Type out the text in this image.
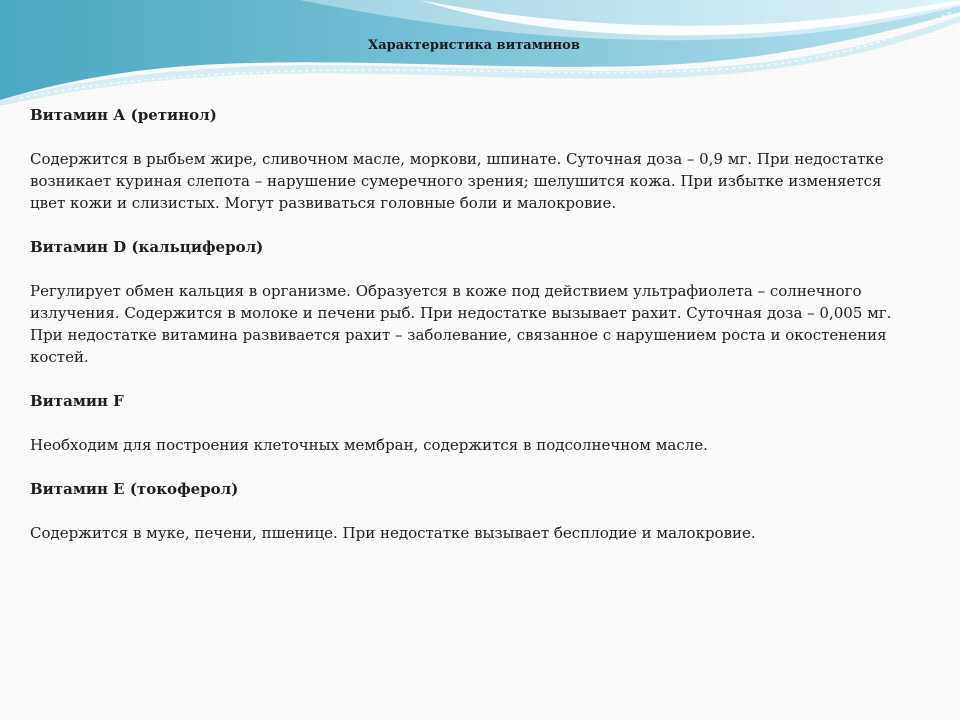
Характеристика витаминов

Витамин А (ретинол)

Содержится в рыбьем жире, сливочном масле, моркови, шпинате. Суточная доза – 0,9 мг. При недостатке возникает куриная слепота – нарушение сумеречного зрения; шелушится кожа. При избытке изменяется цвет кожи и слизистых. Могут развиваться головные боли и малокровие.

Витамин D (кальциферол)

Регулирует обмен кальция в организме. Образуется в коже под действием ультрафиолета – солнечного излучения. Содержится в молоке и печени рыб. При недостатке вызывает рахит. Суточная доза – 0,005 мг. При недостатке витамина развивается рахит – заболевание, связанное с нарушением роста и окостенения костей.

Витамин F

Необходим для построения клеточных мембран, содержится в подсолнечном масле.

Витамин Е (токоферол)

Содержится в муке, печени, пшенице. При недостатке вызывает бесплодие и малокровие.
